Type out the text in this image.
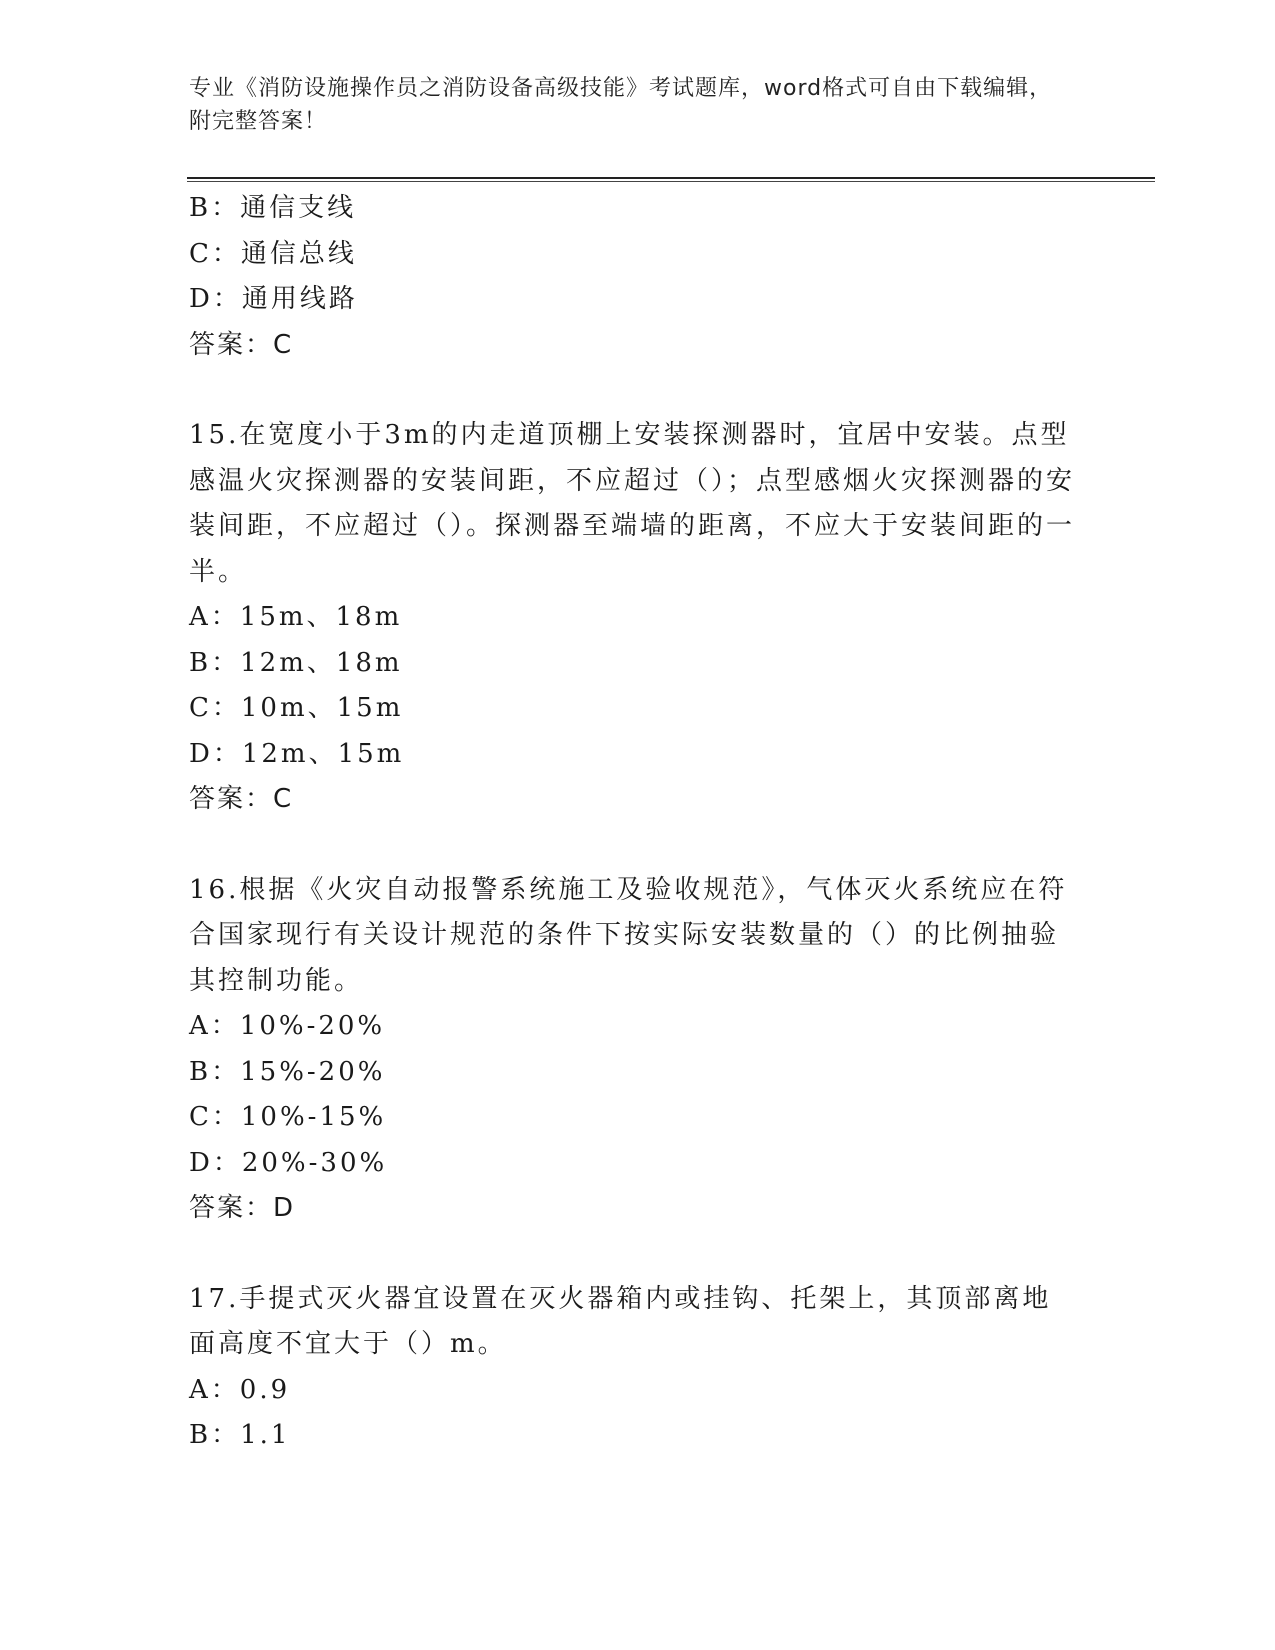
专业《消防设施操作员之消防设备高级技能》考试题库，word格式可自由下载编辑，附完整答案！
B：通信支线
C：通信总线
D：通用线路
答案：C
15.在宽度小于3m的内走道顶棚上安装探测器时，宜居中安装。点型感温火灾探测器的安装间距，不应超过（）；点型感烟火灾探测器的安装间距，不应超过（）。探测器至端墙的距离，不应大于安装间距的一半。
A：15m、18m
B：12m、18m
C：10m、15m
D：12m、15m
答案：C
16.根据《火灾自动报警系统施工及验收规范》，气体灭火系统应在符合国家现行有关设计规范的条件下按实际安装数量的（）的比例抽验其控制功能。
A：10%-20%
B：15%-20%
C：10%-15%
D：20%-30%
答案：D
17.手提式灭火器宜设置在灭火器箱内或挂钩、托架上，其顶部离地面高度不宜大于（）m。
A：0.9
B：1.1
